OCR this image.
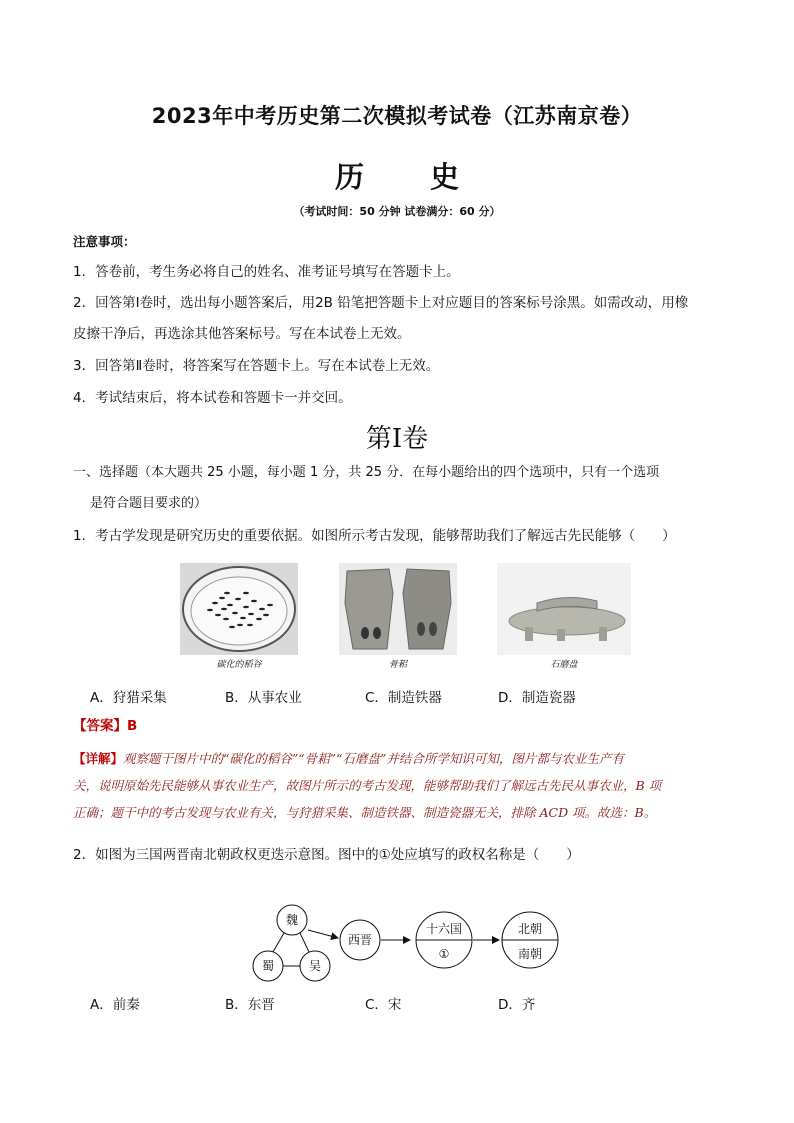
2023年中考历史第二次模拟考试卷（江苏南京卷）
历 史
（考试时间：50 分钟 试卷满分：60 分）
注意事项：
1．答卷前，考生务必将自己的姓名、准考证号填写在答题卡上。
2．回答第Ⅰ卷时，选出每小题答案后，用2B 铅笔把答题卡上对应题目的答案标号涂黑。如需改动，用橡
皮擦干净后，再选涂其他答案标号。写在本试卷上无效。
3．回答第Ⅱ卷时，将答案写在答题卡上。写在本试卷上无效。
4．考试结束后，将本试卷和答题卡一并交回。
第Ⅰ卷
一、选择题（本大题共 25 小题，每小题 1 分，共 25 分．在每小题给出的四个选项中，只有一个选项
是符合题目要求的）
1．考古学发现是研究历史的重要依据。如图所示考古发现，能够帮助我们了解远古先民能够（　　）
碳化的稻谷	骨耜	石磨盘
A．狩猎采集	B．从事农业	C．制造铁器	D．制造瓷器
【答案】B
【详解】观察题干图片中的“碳化的稻谷”“骨耜”“石磨盘”并结合所学知识可知，图片都与农业生产有
关，说明原始先民能够从事农业生产，故图片所示的考古发现，能够帮助我们了解远古先民从事农业，B 项
正确；题干中的考古发现与农业有关，与狩猎采集、制造铁器、制造瓷器无关，排除 ACD 项。故选：B。
2．如图为三国两晋南北朝政权更迭示意图。图中的①处应填写的政权名称是（　　）
魏
蜀	吴
西晋
十六国
①
北朝
南朝
A．前秦	B．东晋	C．宋	D．齐
